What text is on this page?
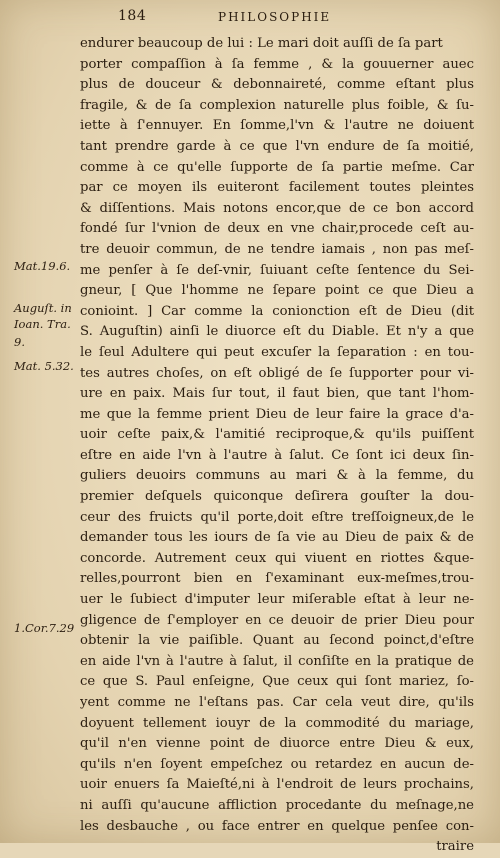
184	PHILOSOPHIE
Mat.19.6.
Auguſt. in
Ioan. Tra.
9.
Mat. 5.32.
1.Cor.7.29
endurer beaucoup de lui : Le mari doit auſſi de ſa part
porter compaſſion à ſa femme , & la gouuerner auec
plus de douceur & debonnaireté, comme eſtant plus
fragile, & de ſa complexion naturelle plus foible, & ſu-
iette à ſ'ennuyer. En ſomme,l'vn & l'autre ne doiuent
tant prendre garde à ce que l'vn endure de ſa moitié,
comme à ce qu'elle ſupporte de ſa partie meſme. Car
par ce moyen ils euiteront facilement toutes pleintes
& diſſentions. Mais notons encor,que de ce bon accord
fondé ſur l'vnion de deux en vne chair,procede ceſt au-
tre deuoir commun, de ne tendre iamais , non pas meſ-
me penſer à ſe deſ-vnir, ſuiuant ceſte ſentence du Sei-
gneur, [ Que l'homme ne ſepare point ce que Dieu a
conioint. ] Car comme la conionction eſt de Dieu (dit
S. Auguſtin) ainſi le diuorce eſt du Diable. Et n'y a que
le ſeul Adultere qui peut excuſer la ſeparation : en tou-
tes autres choſes, on eſt obligé de ſe ſupporter pour vi-
ure en paix. Mais ſur tout, il faut bien, que tant l'hom-
me que la femme prient Dieu de leur faire la grace d'a-
uoir ceſte paix,& l'amitié reciproque,& qu'ils puiſſent
eſtre en aide l'vn à l'autre à ſalut. Ce ſont ici deux ſin-
guliers deuoirs communs au mari & à la femme, du
premier deſquels quiconque deſirera gouſter la dou-
ceur des fruicts qu'il porte,doit eſtre treſſoigneux,de le
demander tous les iours de ſa vie au Dieu de paix & de
concorde. Autrement ceux qui viuent en riottes &que-
relles,pourront bien en ſ'examinant eux-meſmes,trou-
uer le ſubiect d'imputer leur miſerable eſtat à leur ne-
gligence de ſ'employer en ce deuoir de prier Dieu pour
obtenir la vie paiſible. Quant au ſecond poinct,d'eſtre
en aide l'vn à l'autre à ſalut, il conſiſte en la pratique de
ce que S. Paul enſeigne, Que ceux qui ſont mariez, ſo-
yent comme ne l'eſtans pas. Car cela veut dire, qu'ils
doyuent tellement iouyr de la commodité du mariage,
qu'il n'en vienne point de diuorce entre Dieu & eux,
qu'ils n'en ſoyent empeſchez ou retardez en aucun de-
uoir enuers ſa Maieſté,ni à l'endroit de leurs prochains,
ni auſſi qu'aucune affliction procedante du meſnage,ne
les desbauche , ou face entrer en quelque penſee con-
traire
